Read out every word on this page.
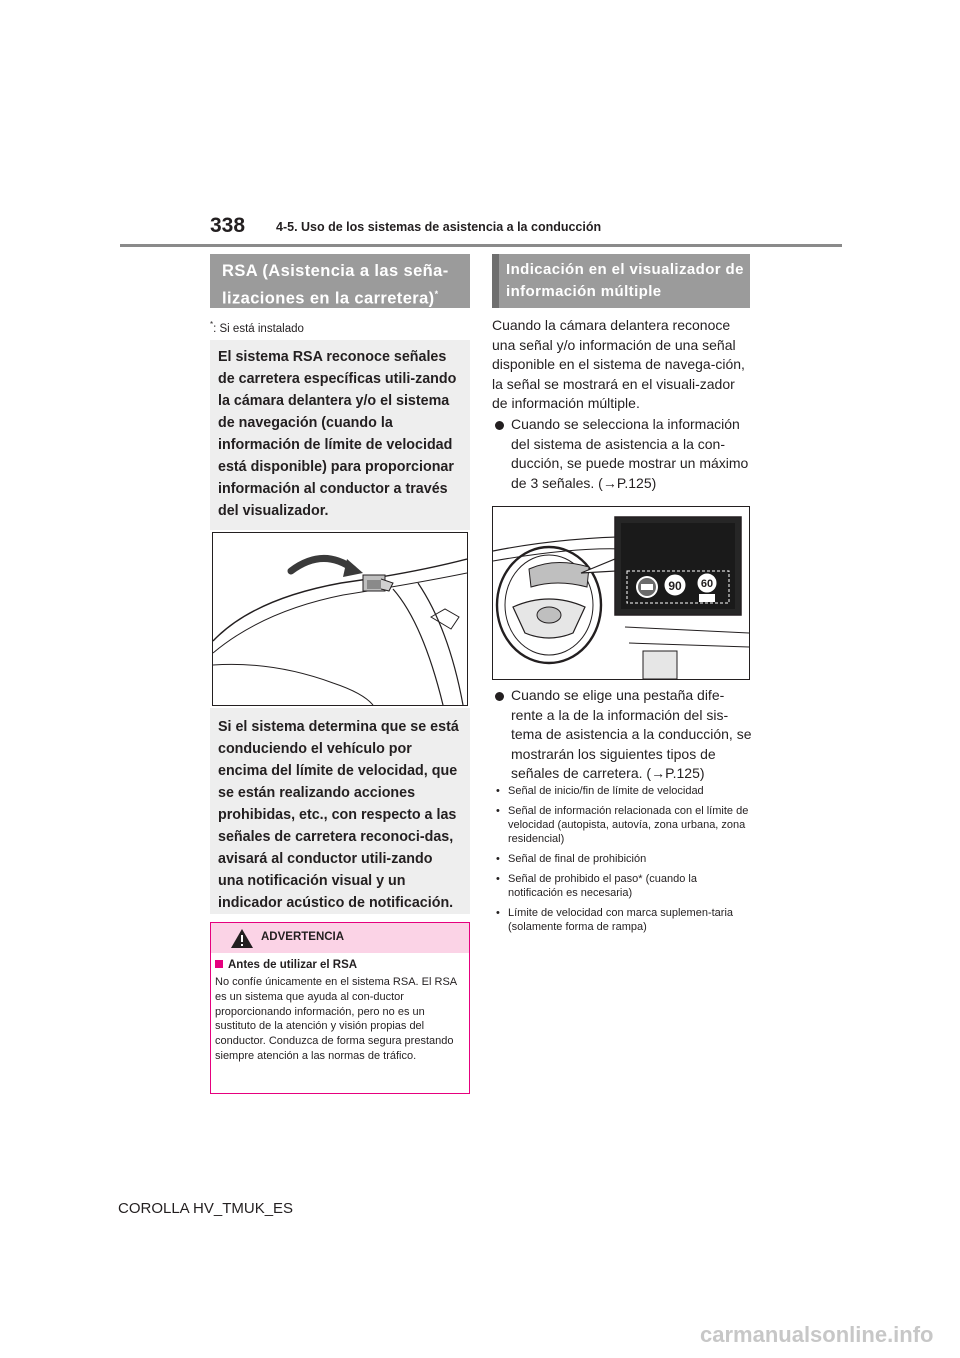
338 4-5. Uso de los sistemas de asistencia a la conducción
RSA (Asistencia a las seña-
lizaciones en la carretera)*
*: Si está instalado
El sistema RSA reconoce señales de carretera específicas utili-zando la cámara delantera y/o el sistema de navegación (cuando la información de límite de velocidad está disponible) para proporcionar información al conductor a través del visualizador.
Si el sistema determina que se está conduciendo el vehículo por encima del límite de velocidad, que se están realizando acciones prohibidas, etc., con respecto a las señales de carretera reconoci-das, avisará al conductor utili-zando una notificación visual y un indicador acústico de notificación.
ADVERTENCIA
Antes de utilizar el RSA
No confíe únicamente en el sistema RSA. El RSA es un sistema que ayuda al con-ductor proporcionando información, pero no es un sustituto de la atención y visión propias del conductor. Conduzca de forma segura prestando siempre atención a las normas de tráfico.
Indicación en el visualizador de
información múltiple
Cuando la cámara delantera reconoce una señal y/o información de una señal disponible en el sistema de navega-ción, la señal se mostrará en el visuali-zador de información múltiple.
Cuando se selecciona la información del sistema de asistencia a la con-ducción, se puede mostrar un máximo de 3 señales. (→P.125)
90 60
Cuando se elige una pestaña dife-rente a la de la información del sis-tema de asistencia a la conducción, se mostrarán los siguientes tipos de señales de carretera. (→P.125)
• Señal de inicio/fin de límite de velocidad
• Señal de información relacionada con el límite de velocidad (autopista, autovía, zona urbana, zona residencial)
• Señal de final de prohibición
• Señal de prohibido el paso* (cuando la notificación es necesaria)
• Límite de velocidad con marca suplemen-taria (solamente forma de rampa)
COROLLA HV_TMUK_ES
carmanualsonline.info
